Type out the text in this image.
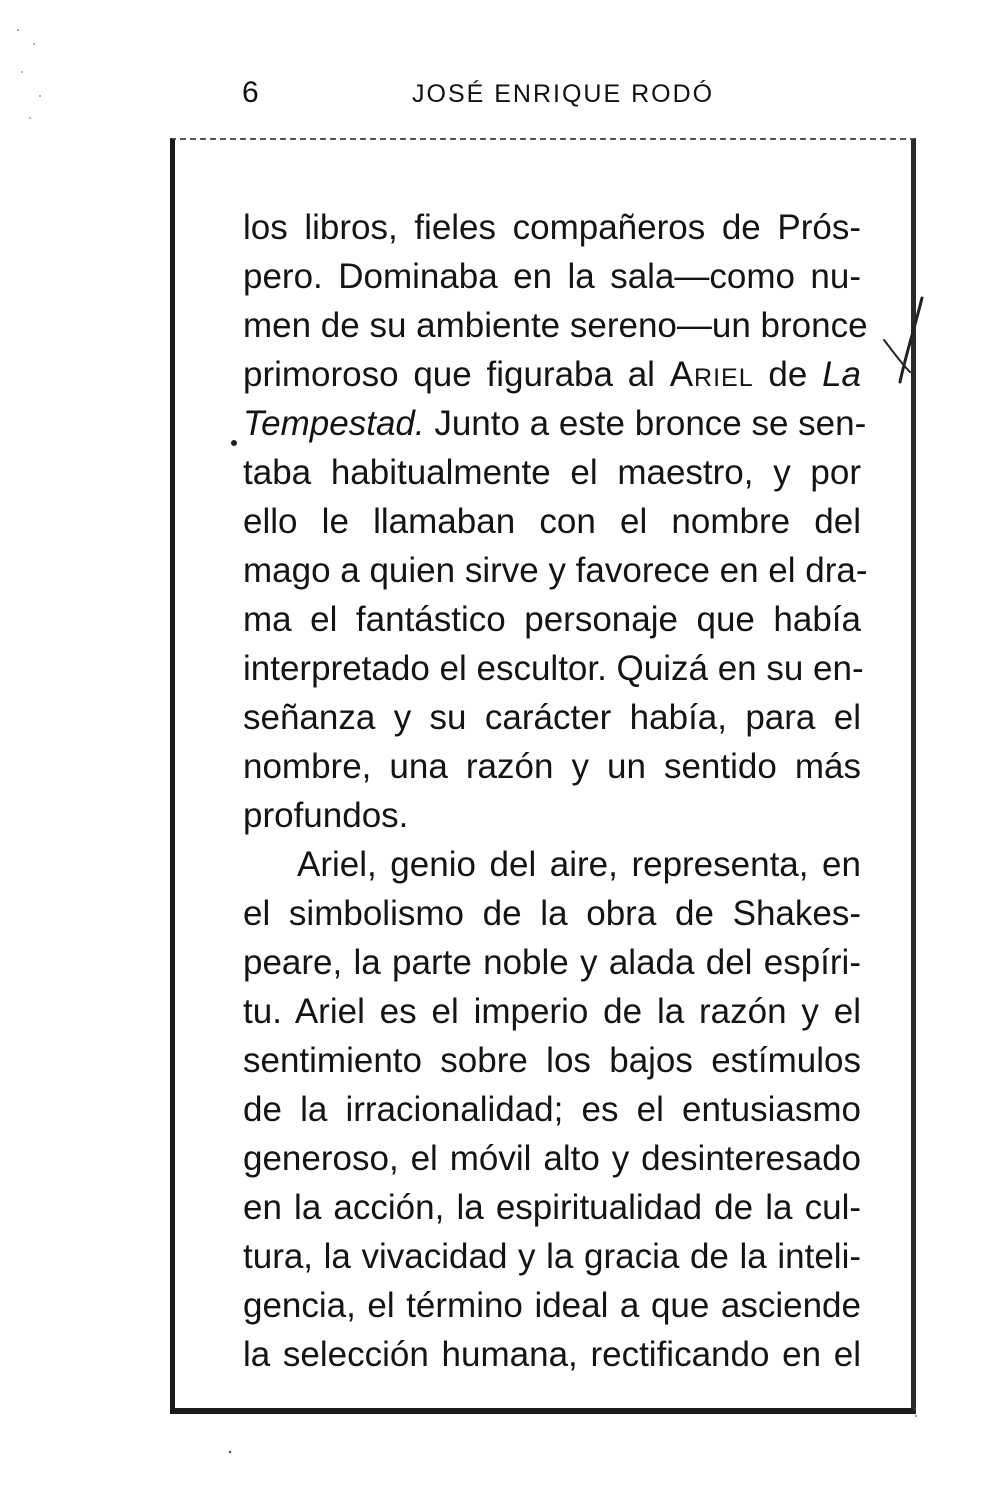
6	JOSÉ ENRIQUE RODÓ
los libros, fieles compañeros de Prós-
pero. Dominaba en la sala—como nu-
men de su ambiente sereno—un bronce
primoroso que figuraba al Ariel de La
Tempestad. Junto a este bronce se sen-
taba habitualmente el maestro, y por
ello le llamaban con el nombre del
mago a quien sirve y favorece en el dra-
ma el fantástico personaje que había
interpretado el escultor. Quizá en su en-
señanza y su carácter había, para el
nombre, una razón y un sentido más
profundos.
Ariel, genio del aire, representa, en
el simbolismo de la obra de Shakes-
peare, la parte noble y alada del espíri-
tu. Ariel es el imperio de la razón y el
sentimiento sobre los bajos estímulos
de la irracionalidad; es el entusiasmo
generoso, el móvil alto y desinteresado
en la acción, la espiritualidad de la cul-
tura, la vivacidad y la gracia de la inteli-
gencia, el término ideal a que asciende
la selección humana, rectificando en el
